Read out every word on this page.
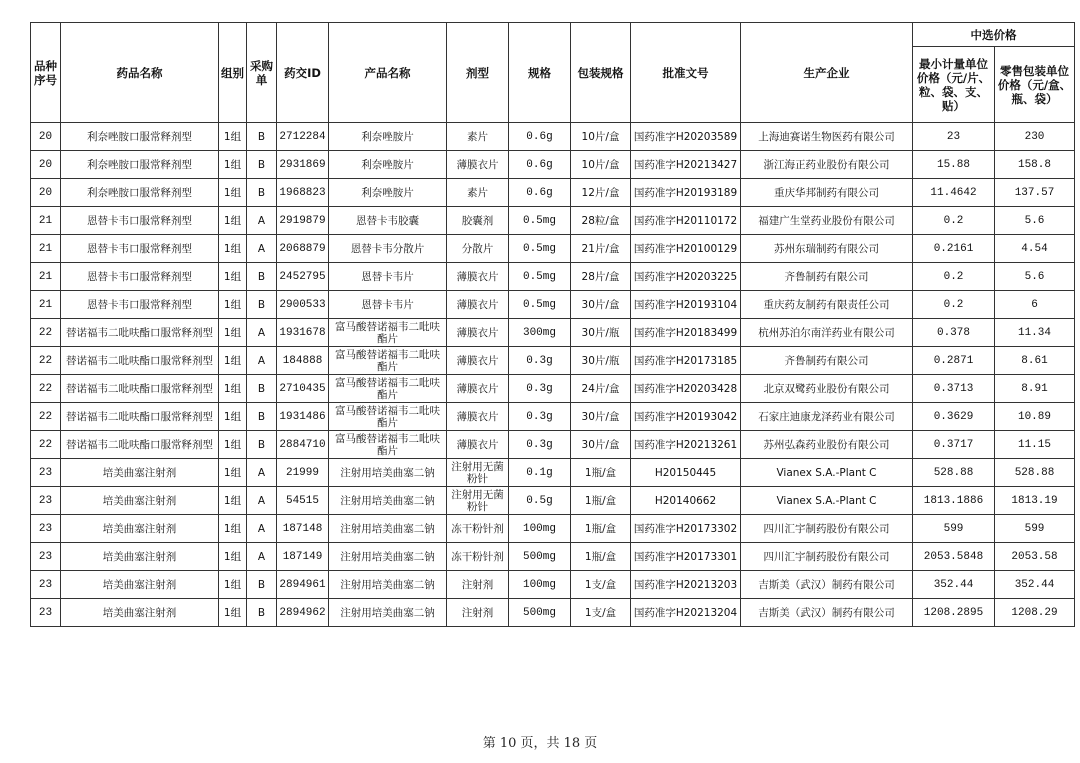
品种序号	药品名称	组别	采购单	药交ID	产品名称	剂型	规格	包装规格	批准文号	生产企业	中选价格	
											最小计量单位价格（元/片、粒、袋、支、贴）	零售包装单位价格（元/盒、瓶、袋）
20	利奈唑胺口服常释剂型	1组	B	2712284	利奈唑胺片	素片	0.6g	10片/盒	国药准字H20203589	上海迪赛诺生物医药有限公司	23	230
20	利奈唑胺口服常释剂型	1组	B	2931869	利奈唑胺片	薄膜衣片	0.6g	10片/盒	国药准字H20213427	浙江海正药业股份有限公司	15.88	158.8
20	利奈唑胺口服常释剂型	1组	B	1968823	利奈唑胺片	素片	0.6g	12片/盒	国药准字H20193189	重庆华邦制药有限公司	11.4642	137.57
21	恩替卡韦口服常释剂型	1组	A	2919879	恩替卡韦胶囊	胶囊剂	0.5mg	28粒/盒	国药准字H20110172	福建广生堂药业股份有限公司	0.2	5.6
21	恩替卡韦口服常释剂型	1组	A	2068879	恩替卡韦分散片	分散片	0.5mg	21片/盒	国药准字H20100129	苏州东瑞制药有限公司	0.2161	4.54
21	恩替卡韦口服常释剂型	1组	B	2452795	恩替卡韦片	薄膜衣片	0.5mg	28片/盒	国药准字H20203225	齐鲁制药有限公司	0.2	5.6
21	恩替卡韦口服常释剂型	1组	B	2900533	恩替卡韦片	薄膜衣片	0.5mg	30片/盒	国药准字H20193104	重庆药友制药有限责任公司	0.2	6
22	替诺福韦二吡呋酯口服常释剂型	1组	A	1931678	富马酸替诺福韦二吡呋酯片	薄膜衣片	300mg	30片/瓶	国药准字H20183499	杭州苏泊尔南洋药业有限公司	0.378	11.34
22	替诺福韦二吡呋酯口服常释剂型	1组	A	184888	富马酸替诺福韦二吡呋酯片	薄膜衣片	0.3g	30片/瓶	国药准字H20173185	齐鲁制药有限公司	0.2871	8.61
22	替诺福韦二吡呋酯口服常释剂型	1组	B	2710435	富马酸替诺福韦二吡呋酯片	薄膜衣片	0.3g	24片/盒	国药准字H20203428	北京双鹭药业股份有限公司	0.3713	8.91
22	替诺福韦二吡呋酯口服常释剂型	1组	B	1931486	富马酸替诺福韦二吡呋酯片	薄膜衣片	0.3g	30片/盒	国药准字H20193042	石家庄迪康龙泽药业有限公司	0.3629	10.89
22	替诺福韦二吡呋酯口服常释剂型	1组	B	2884710	富马酸替诺福韦二吡呋酯片	薄膜衣片	0.3g	30片/盒	国药准字H20213261	苏州弘森药业股份有限公司	0.3717	11.15
23	培美曲塞注射剂	1组	A	21999	注射用培美曲塞二钠	注射用无菌粉针	0.1g	1瓶/盒	H20150445	Vianex S.A.-Plant C	528.88	528.88
23	培美曲塞注射剂	1组	A	54515	注射用培美曲塞二钠	注射用无菌粉针	0.5g	1瓶/盒	H20140662	Vianex S.A.-Plant C	1813.1886	1813.19
23	培美曲塞注射剂	1组	A	187148	注射用培美曲塞二钠	冻干粉针剂	100mg	1瓶/盒	国药准字H20173302	四川汇宇制药股份有限公司	599	599
23	培美曲塞注射剂	1组	A	187149	注射用培美曲塞二钠	冻干粉针剂	500mg	1瓶/盒	国药准字H20173301	四川汇宇制药股份有限公司	2053.5848	2053.58
23	培美曲塞注射剂	1组	B	2894961	注射用培美曲塞二钠	注射剂	100mg	1支/盒	国药准字H20213203	吉斯美（武汉）制药有限公司	352.44	352.44
23	培美曲塞注射剂	1组	B	2894962	注射用培美曲塞二钠	注射剂	500mg	1支/盒	国药准字H20213204	吉斯美（武汉）制药有限公司	1208.2895	1208.29
第 10 页，共 18 页
